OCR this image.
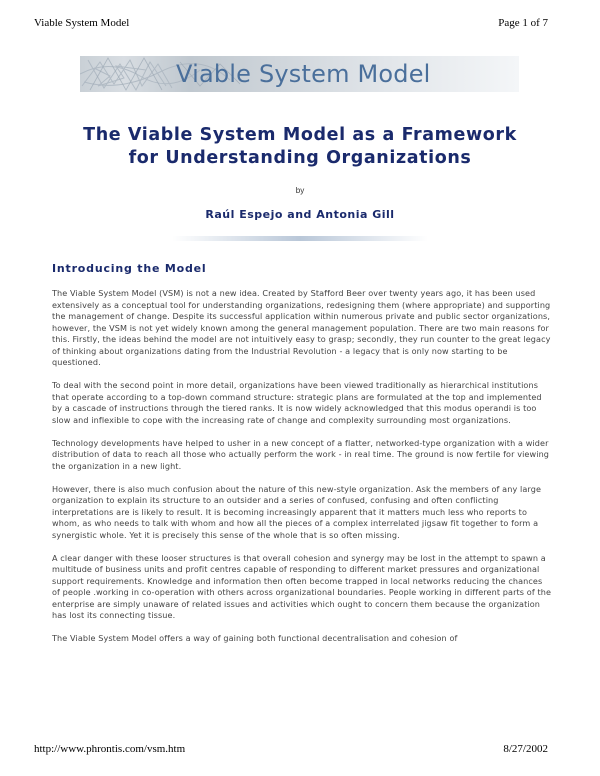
Viable System Model	Page 1 of 7
Viable System Model
The Viable System Model as a Framework
for Understanding Organizations
by
Raúl Espejo and Antonia Gill
Introducing the Model

The Viable System Model (VSM) is not a new idea. Created by Stafford Beer over twenty years ago, it has been used extensively as a conceptual tool for understanding organizations, redesigning them (where appropriate) and supporting the management of change. Despite its successful application within numerous private and public sector organizations, however, the VSM is not yet widely known among the general management population. There are two main reasons for this. Firstly, the ideas behind the model are not intuitively easy to grasp; secondly, they run counter to the great legacy of thinking about organizations dating from the Industrial Revolution - a legacy that is only now starting to be questioned.

To deal with the second point in more detail, organizations have been viewed traditionally as hierarchical institutions that operate according to a top-down command structure: strategic plans are formulated at the top and implemented by a cascade of instructions through the tiered ranks. It is now widely acknowledged that this modus operandi is too slow and inflexible to cope with the increasing rate of change and complexity surrounding most organizations.

Technology developments have helped to usher in a new concept of a flatter, networked-type organization with a wider distribution of data to reach all those who actually perform the work - in real time. The ground is now fertile for viewing the organization in a new light.

However, there is also much confusion about the nature of this new-style organization. Ask the members of any large organization to explain its structure to an outsider and a series of confused, confusing and often conflicting interpretations are is likely to result. It is becoming increasingly apparent that it matters much less who reports to whom, as who needs to talk with whom and how all the pieces of a complex interrelated jigsaw fit together to form a synergistic whole. Yet it is precisely this sense of the whole that is so often missing.

A clear danger with these looser structures is that overall cohesion and synergy may be lost in the attempt to spawn a multitude of business units and profit centres capable of responding to different market pressures and organizational support requirements. Knowledge and information then often become trapped in local networks reducing the chances of people .working in co-operation with others across organizational boundaries. People working in different parts of the enterprise are simply unaware of related issues and activities which ought to concern them because the organization has lost its connecting tissue.

The Viable System Model offers a way of gaining both functional decentralisation and cohesion of

http://www.phrontis.com/vsm.htm	8/27/2002
